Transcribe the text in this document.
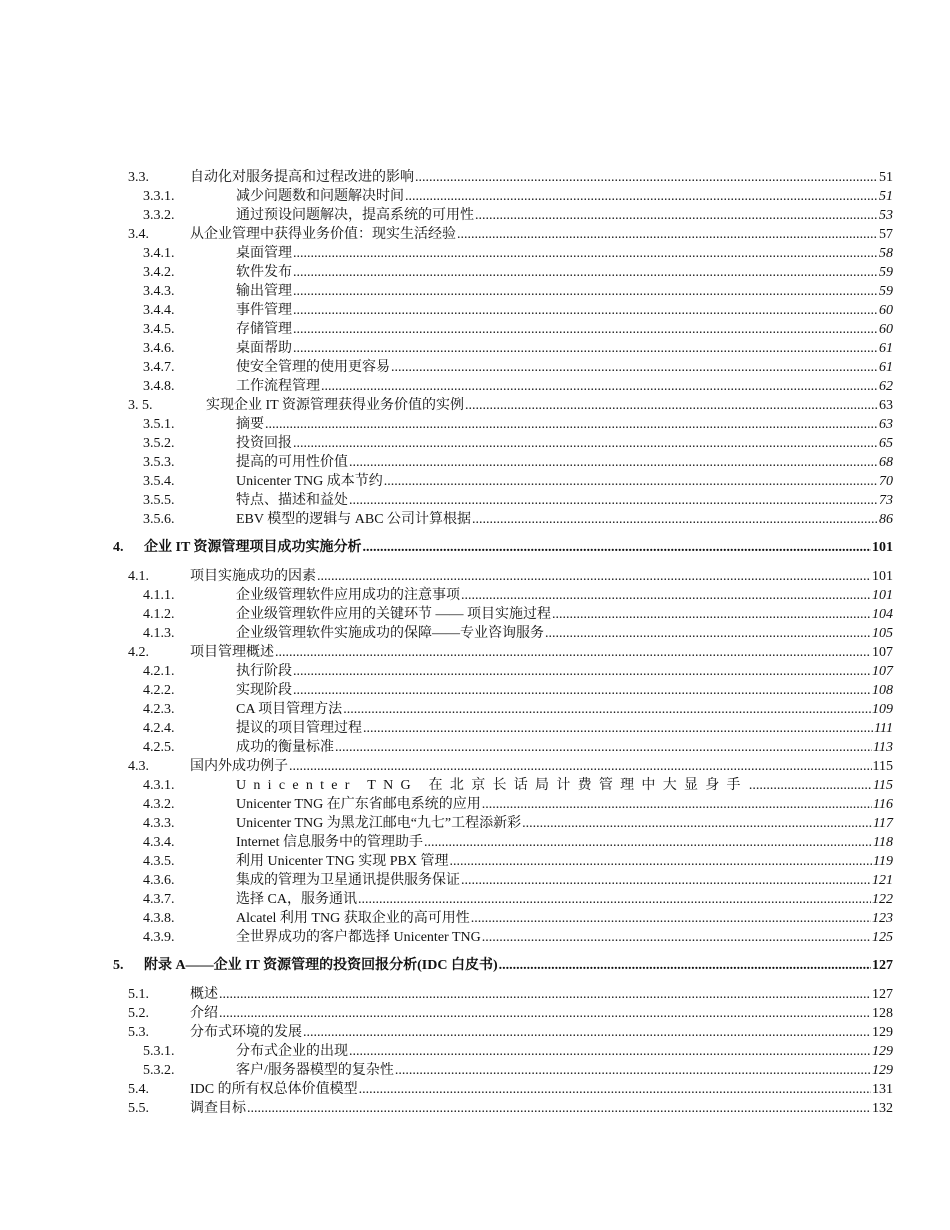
3.3.	自动化对服务提高和过程改进的影响 .....	51
3.3.1.	减少问题数和问题解决时间 .....	51
3.3.2.	通过预设问题解决，提高系统的可用性 .....	53
3.4.	从企业管理中获得业务价值：现实生活经验 .....	57
3.4.1.	桌面管理 .....	58
3.4.2.	软件发布 .....	59
3.4.3.	输出管理 .....	59
3.4.4.	事件管理 .....	60
3.4.5.	存储管理 .....	60
3.4.6.	桌面帮助 .....	61
3.4.7.	使安全管理的使用更容易 .....	61
3.4.8.	工作流程管理 .....	62
3. 5.	实现企业 IT 资源管理获得业务价值的实例 .....	63
3.5.1.	摘要 .....	63
3.5.2.	投资回报 .....	65
3.5.3.	提高的可用性价值 .....	68
3.5.4.	Unicenter TNG 成本节约 .....	70
3.5.5.	特点、描述和益处 .....	73
3.5.6.	EBV 模型的逻辑与 ABC 公司计算根据 .....	86
4. 企业 IT 资源管理项目成功实施分析 .....	101
4.1.	项目实施成功的因素 .....	101
4.1.1.	企业级管理软件应用成功的注意事项 .....	101
4.1.2.	企业级管理软件应用的关键环节 —— 项目实施过程 .....	104
4.1.3.	企业级管理软件实施成功的保障——专业咨询服务 .....	105
4.2.	项目管理概述 .....	107
4.2.1.	执行阶段 .....	107
4.2.2.	实现阶段 .....	108
4.2.3.	CA 项目管理方法 .....	109
4.2.4.	提议的项目管理过程 .....	111
4.2.5.	成功的衡量标准 .....	113
4.3.	国内外成功例子 .....	115
4.3.1.	Unicenter TNG 在北京长话局计费管理中大显身手 .....	115
4.3.2.	Unicenter TNG 在广东省邮电系统的应用 .....	116
4.3.3.	Unicenter TNG 为黑龙江邮电“九七”工程添新彩 .....	117
4.3.4.	Internet 信息服务中的管理助手 .....	118
4.3.5.	利用 Unicenter TNG 实现 PBX 管理 .....	119
4.3.6.	集成的管理为卫星通讯提供服务保证 .....	121
4.3.7.	选择 CA，服务通讯 .....	122
4.3.8.	Alcatel 利用 TNG 获取企业的高可用性 .....	123
4.3.9.	全世界成功的客户都选择 Unicenter TNG .....	125
5. 附录 A——企业 IT 资源管理的投资回报分析(IDC 白皮书) .....	127
5.1.	概述 .....	127
5.2.	介绍 .....	128
5.3.	分布式环境的发展 .....	129
5.3.1.	分布式企业的出现 .....	129
5.3.2.	客户/服务器模型的复杂性 .....	129
5.4.	IDC 的所有权总体价值模型 .....	131
5.5.	调查目标 .....	132
